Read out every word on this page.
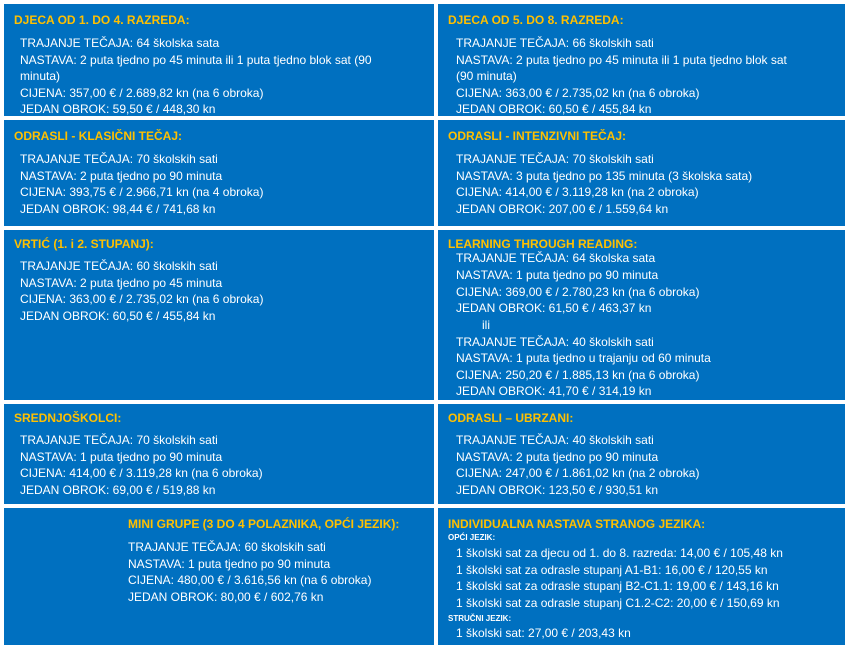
DJECA OD 1. DO 4. RAZREDA:
TRAJANJE TEČAJA: 64 školska sata
NASTAVA: 2 puta tjedno po 45 minuta ili 1 puta tjedno blok sat (90
minuta)
CIJENA: 357,00 € / 2.689,82 kn (na 6 obroka)
JEDAN OBROK: 59,50 € / 448,30 kn
DJECA OD 5. DO 8. RAZREDA:
TRAJANJE TEČAJA: 66 školskih sati
NASTAVA: 2 puta tjedno po 45 minuta ili 1 puta tjedno blok sat
(90 minuta)
CIJENA: 363,00 € / 2.735,02 kn (na 6 obroka)
JEDAN OBROK: 60,50 € / 455,84 kn
ODRASLI - KLASIČNI TEČAJ:
TRAJANJE TEČAJA: 70 školskih sati
NASTAVA: 2 puta tjedno po 90 minuta
CIJENA: 393,75 € / 2.966,71 kn (na 4 obroka)
JEDAN OBROK: 98,44 € / 741,68 kn
ODRASLI - INTENZIVNI TEČAJ:
TRAJANJE TEČAJA: 70 školskih sati
NASTAVA: 3 puta tjedno po 135 minuta (3 školska sata)
CIJENA: 414,00 € / 3.119,28 kn (na 2 obroka)
JEDAN OBROK: 207,00 € / 1.559,64 kn
VRTIĆ (1. i 2. STUPANJ):
TRAJANJE TEČAJA: 60 školskih sati
NASTAVA: 2 puta tjedno po 45 minuta
CIJENA: 363,00 € / 2.735,02 kn (na 6 obroka)
JEDAN OBROK: 60,50 € / 455,84 kn
LEARNING THROUGH READING:
TRAJANJE TEČAJA: 64 školska sata
NASTAVA: 1 puta tjedno po 90 minuta
CIJENA: 369,00 € / 2.780,23 kn (na 6 obroka)
JEDAN OBROK: 61,50 € / 463,37 kn
ili
TRAJANJE TEČAJA: 40 školskih sati
NASTAVA: 1 puta tjedno u trajanju od 60 minuta
CIJENA: 250,20 € / 1.885,13 kn (na 6 obroka)
JEDAN OBROK: 41,70 € / 314,19 kn
SREDNJOŠKOLCI:
TRAJANJE TEČAJA: 70 školskih sati
NASTAVA: 1 puta tjedno po 90 minuta
CIJENA: 414,00 € / 3.119,28 kn (na 6 obroka)
JEDAN OBROK: 69,00 € / 519,88 kn
ODRASLI – UBRZANI:
TRAJANJE TEČAJA: 40 školskih sati
NASTAVA: 2 puta tjedno po 90 minuta
CIJENA: 247,00 € / 1.861,02 kn (na 2 obroka)
JEDAN OBROK: 123,50 € / 930,51 kn
MINI GRUPE (3 DO 4 POLAZNIKA, OPĆI JEZIK):
TRAJANJE TEČAJA: 60 školskih sati
NASTAVA: 1 puta tjedno po 90 minuta
CIJENA: 480,00 € / 3.616,56 kn (na 6 obroka)
JEDAN OBROK: 80,00 € / 602,76 kn
INDIVIDUALNA NASTAVA STRANOG JEZIKA:
OPĆI JEZIK:
1 školski sat za djecu od 1. do 8. razreda: 14,00 € / 105,48 kn
1 školski sat za odrasle stupanj A1-B1: 16,00 € / 120,55 kn
1 školski sat za odrasle stupanj B2-C1.1: 19,00 € / 143,16 kn
1 školski sat za odrasle stupanj C1.2-C2: 20,00 € / 150,69 kn
STRUČNI JEZIK:
1 školski sat: 27,00 € / 203,43 kn
